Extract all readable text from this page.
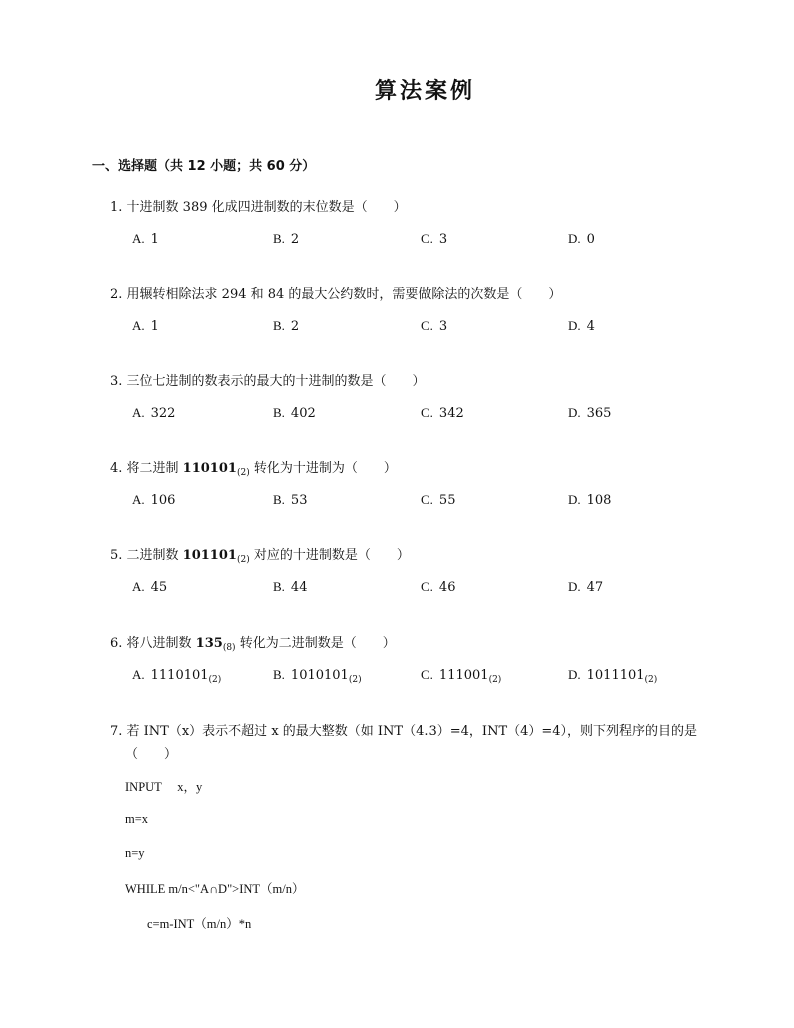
算法案例
一、选择题（共 12 小题；共 60 分）
1. 十进制数 389 化成四进制数的末位数是（　　）
A. 1	B. 2	C. 3	D. 0
2. 用辗转相除法求 294 和 84 的最大公约数时，需要做除法的次数是（　　）
A. 1	B. 2	C. 3	D. 4
3. 三位七进制的数表示的最大的十进制的数是（　　）
A. 322	B. 402	C. 342	D. 365
4. 将二进制 $110101_{(2)}$ 转化为十进制为（　　）
A. 106	B. 53	C. 55	D. 108
5. 二进制数 $101101_{(2)}$ 对应的十进制数是（　　）
A. 45	B. 44	C. 46	D. 47
6. 将八进制数 $135_{(8)}$ 转化为二进制数是（　　）
A. $1110101_{(2)}$	B. $1010101_{(2)}$	C. $111001_{(2)}$	D. $1011101_{(2)}$
7. 若 INT（x）表示不超过 x 的最大整数（如 INT（4.3）=4，INT（4）=4），则下列程序的目的是
（　　）
INPUT　 x，y
m=x
n=y
WHILE m/n<"A∩D">INT（m/n）
c=m-INT（m/n）*n
